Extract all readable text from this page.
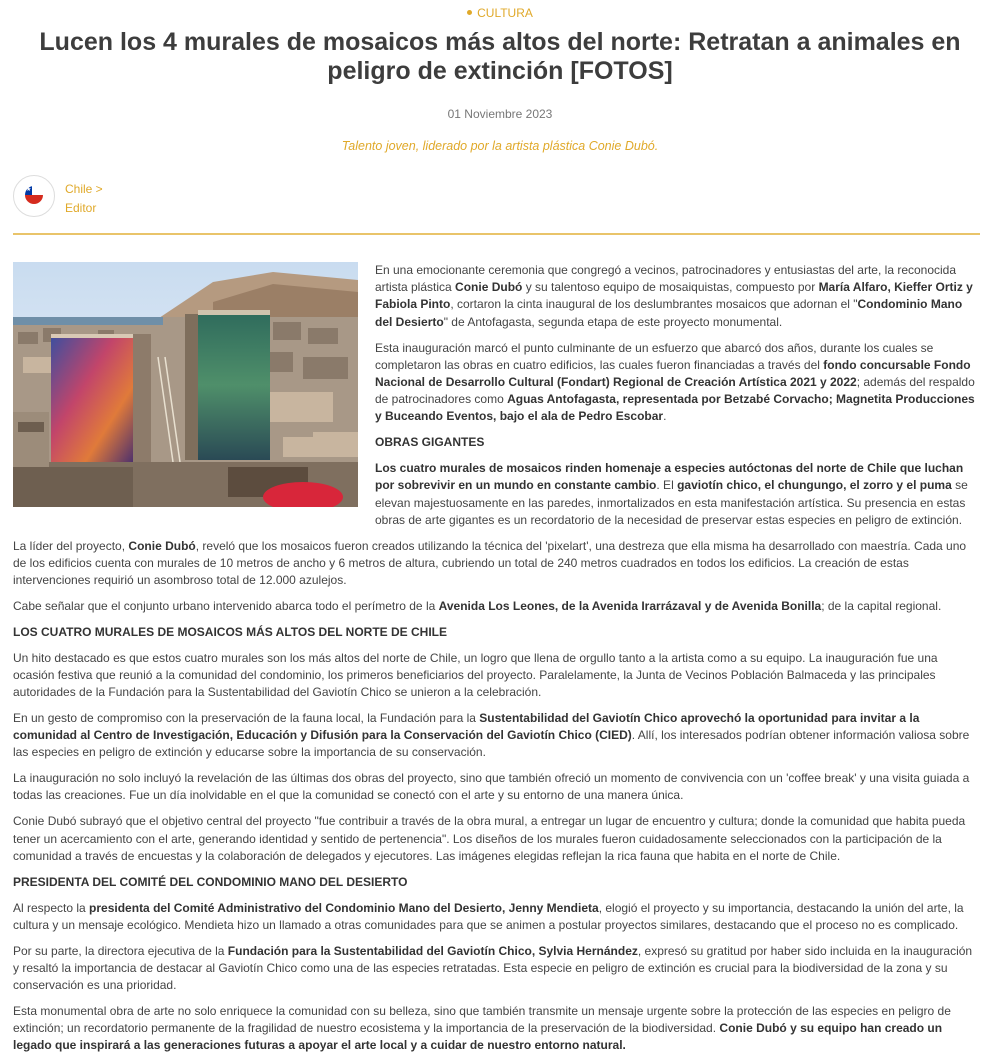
CULTURA
Lucen los 4 murales de mosaicos más altos del norte: Retratan a animales en peligro de extinción [FOTOS]
01 Noviembre 2023
Talento joven, liderado por la artista plástica Conie Dubó.
★	Chile >
Editor

En una emocionante ceremonia que congregó a vecinos, patrocinadores y entusiastas del arte, la reconocida artista plástica Conie Dubó y su talentoso equipo de mosaiquistas, compuesto por María Alfaro, Kieffer Ortiz y Fabiola Pinto, cortaron la cinta inaugural de los deslumbrantes mosaicos que adornan el "Condominio Mano del Desierto" de Antofagasta, segunda etapa de este proyecto monumental.

Esta inauguración marcó el punto culminante de un esfuerzo que abarcó dos años, durante los cuales se completaron las obras en cuatro edificios, las cuales fueron financiadas a través del fondo concursable Fondo Nacional de Desarrollo Cultural (Fondart) Regional de Creación Artística 2021 y 2022; además del respaldo de patrocinadores como Aguas Antofagasta, representada por Betzabé Corvacho; Magnetita Producciones y Buceando Eventos, bajo el ala de Pedro Escobar.

OBRAS GIGANTES

Los cuatro murales de mosaicos rinden homenaje a especies autóctonas del norte de Chile que luchan por sobrevivir en un mundo en constante cambio. El gaviotín chico, el chungungo, el zorro y el puma se elevan majestuosamente en las paredes, inmortalizados en esta manifestación artística. Su presencia en estas obras de arte gigantes es un recordatorio de la necesidad de preservar estas especies en peligro de extinción.

La líder del proyecto, Conie Dubó, reveló que los mosaicos fueron creados utilizando la técnica del 'pixelart', una destreza que ella misma ha desarrollado con maestría. Cada uno de los edificios cuenta con murales de 10 metros de ancho y 6 metros de altura, cubriendo un total de 240 metros cuadrados en todos los edificios. La creación de estas intervenciones requirió un asombroso total de 12.000 azulejos.

Cabe señalar que el conjunto urbano intervenido abarca todo el perímetro de la Avenida Los Leones, de la Avenida Irarrázaval y de Avenida Bonilla; de la capital regional.

LOS CUATRO MURALES DE MOSAICOS MÁS ALTOS DEL NORTE DE CHILE

Un hito destacado es que estos cuatro murales son los más altos del norte de Chile, un logro que llena de orgullo tanto a la artista como a su equipo. La inauguración fue una ocasión festiva que reunió a la comunidad del condominio, los primeros beneficiarios del proyecto. Paralelamente, la Junta de Vecinos Población Balmaceda y las principales autoridades de la Fundación para la Sustentabilidad del Gaviotín Chico se unieron a la celebración.

En un gesto de compromiso con la preservación de la fauna local, la Fundación para la Sustentabilidad del Gaviotín Chico aprovechó la oportunidad para invitar a la comunidad al Centro de Investigación, Educación y Difusión para la Conservación del Gaviotín Chico (CIED). Allí, los interesados podrían obtener información valiosa sobre las especies en peligro de extinción y educarse sobre la importancia de su conservación.

La inauguración no solo incluyó la revelación de las últimas dos obras del proyecto, sino que también ofreció un momento de convivencia con un 'coffee break' y una visita guiada a todas las creaciones. Fue un día inolvidable en el que la comunidad se conectó con el arte y su entorno de una manera única.

Conie Dubó subrayó que el objetivo central del proyecto "fue contribuir a través de la obra mural, a entregar un lugar de encuentro y cultura; donde la comunidad que habita pueda tener un acercamiento con el arte, generando identidad y sentido de pertenencia". Los diseños de los murales fueron cuidadosamente seleccionados con la participación de la comunidad a través de encuestas y la colaboración de delegados y ejecutores. Las imágenes elegidas reflejan la rica fauna que habita en el norte de Chile.

PRESIDENTA DEL COMITÉ DEL CONDOMINIO MANO DEL DESIERTO

Al respecto la presidenta del Comité Administrativo del Condominio Mano del Desierto, Jenny Mendieta, elogió el proyecto y su importancia, destacando la unión del arte, la cultura y un mensaje ecológico. Mendieta hizo un llamado a otras comunidades para que se animen a postular proyectos similares, destacando que el proceso no es complicado.

Por su parte, la directora ejecutiva de la Fundación para la Sustentabilidad del Gaviotín Chico, Sylvia Hernández, expresó su gratitud por haber sido incluida en la inauguración y resaltó la importancia de destacar al Gaviotín Chico como una de las especies retratadas. Esta especie en peligro de extinción es crucial para la biodiversidad de la zona y su conservación es una prioridad.

Esta monumental obra de arte no solo enriquece la comunidad con su belleza, sino que también transmite un mensaje urgente sobre la protección de las especies en peligro de extinción; un recordatorio permanente de la fragilidad de nuestro ecosistema y la importancia de la preservación de la biodiversidad. Conie Dubó y su equipo han creado un legado que inspirará a las generaciones futuras a apoyar el arte local y a cuidar de nuestro entorno natural.
